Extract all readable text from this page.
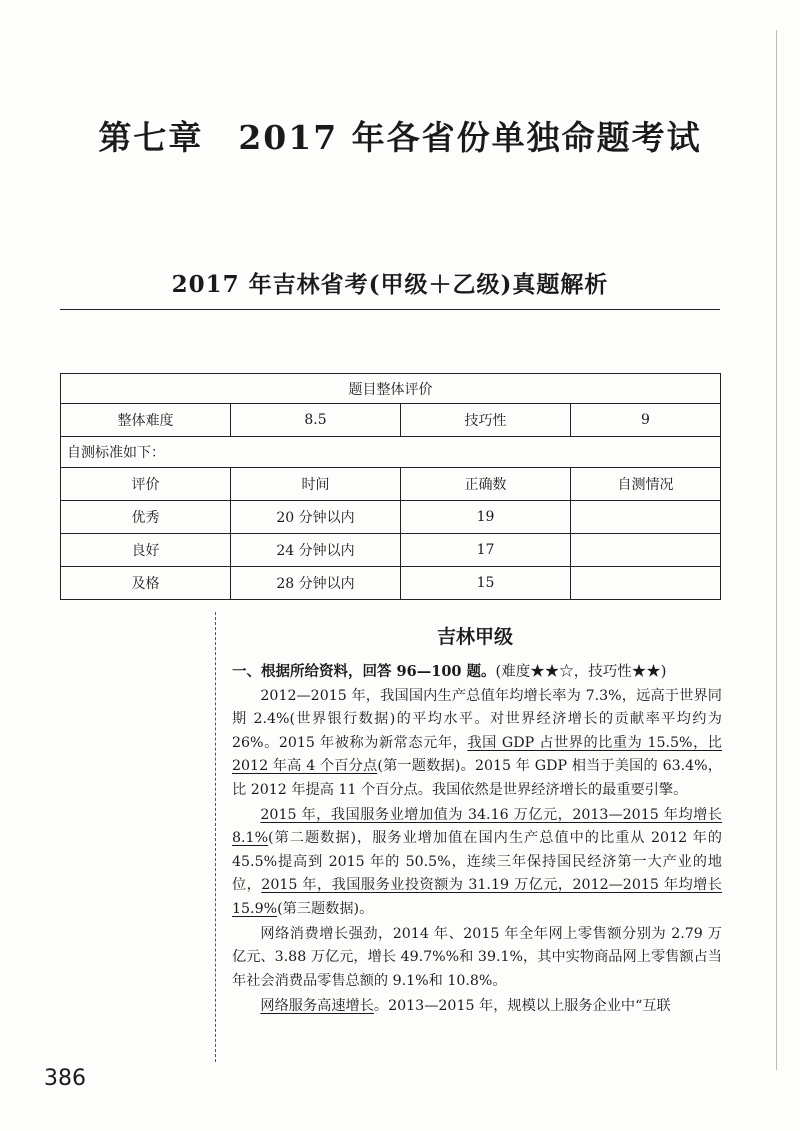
第七章　2017 年各省份单独命题考试
2017 年吉林省考(甲级＋乙级)真题解析
题目整体评价			
整体难度	8.5	技巧性	9
自测标准如下：			
评价	时间	正确数	自测情况
优秀	20 分钟以内	19	
良好	24 分钟以内	17	
及格	28 分钟以内	15	
吉林甲级
一、根据所给资料，回答 96—100 题。(难度★★☆，技巧性★★)

2012—2015 年，我国国内生产总值年均增长率为 7.3%，远高于世界同期 2.4%(世界银行数据)的平均水平。对世界经济增长的贡献率平均约为 26%。2015 年被称为新常态元年，我国 GDP 占世界的比重为 15.5%，比 2012 年高 4 个百分点(第一题数据)。2015 年 GDP 相当于美国的 63.4%，比 2012 年提高 11 个百分点。我国依然是世界经济增长的最重要引擎。

2015 年，我国服务业增加值为 34.16 万亿元，2013—2015 年均增长 8.1%(第二题数据)，服务业增加值在国内生产总值中的比重从 2012 年的 45.5%提高到 2015 年的 50.5%，连续三年保持国民经济第一大产业的地位，2015 年，我国服务业投资额为 31.19 万亿元，2012—2015 年均增长 15.9%(第三题数据)。

网络消费增长强劲，2014 年、2015 年全年网上零售额分别为 2.79 万亿元、3.88 万亿元，增长 49.7%%和 39.1%，其中实物商品网上零售额占当年社会消费品零售总额的 9.1%和 10.8%。

网络服务高速增长。2013—2015 年，规模以上服务企业中“互联

386
